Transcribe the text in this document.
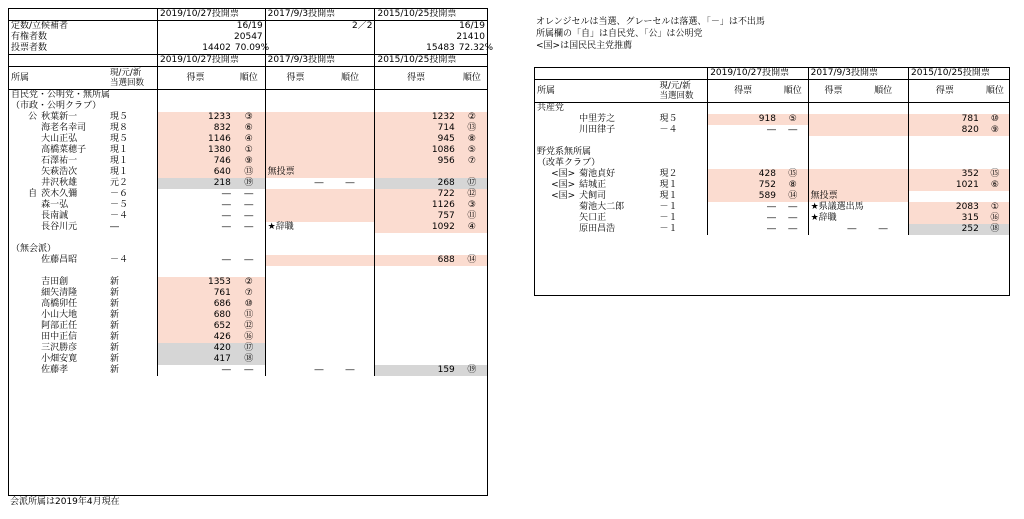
			2019/10/27投開票		2017/9/3投開票		2015/10/25投開票	
定数/立候補者			16/19		2／2		16/19	
有権者数			20547				21410	
投票者数			14402	70.09%			15483	72.32%
			2019/10/27投開票		2017/9/3投開票		2015/10/25投開票	
所属		現/元/新
当選回数	得票	順位	得票	順位	得票	順位
自民党・公明党・無所属								
（市政・公明クラブ）								
公	秋葉新一	現５	1233	③			1232	②
	海老名幸司	現８	832	⑥			714	⑬
	大山正弘	現５	1146	④			945	⑧
	高橋菜穂子	現１	1380	①			1086	⑤
	石澤祐一	現１	746	⑨			956	⑦
	矢萩浩次	現１	640	⑬	無投票			
	井沢秋雄	元２	218	⑲	―	―	268	⑰
自	茨木久彌	－６	―	―			722	⑫
	森一弘	－５	―	―			1126	③
	長南誠	－４	―	―			757	⑪
	長谷川元	―	―	―	★辞職		1092	④

（無会派）								
	佐藤昌昭	－４	―	―			688	⑭

	吉田創	新	1353	②				
	細矢清隆	新	761	⑦				
	高橋卯任	新	686	⑩				
	小山大地	新	680	⑪				
	阿部正任	新	652	⑫				
	田中正信	新	426	⑯				
	三沢勝彦	新	420	⑰				
	小畑安寛	新	417	⑱				
	佐藤孝	新	―	―	―	―	159	⑲
			2019/10/27投開票		2017/9/3投開票		2015/10/25投開票	
所属		現/元/新
当選回数	得票	順位	得票	順位	得票	順位
共産党								
	中里芳之	現５	918	⑤			781	⑩
	川田律子	－４	―	―			820	⑨

野党系無所属								
（改革クラブ）								
<国>	菊池貞好	現２	428	⑮			352	⑮
<国>	結城正	現１	752	⑧			1021	⑥
<国>	犬飼司	現１	589	⑭	無投票			
	菊池大二郎	－１	―	―	★県議選出馬		2083	①
	矢口正	－１	―	―	★辞職		315	⑯
	原田昌浩	－１	―	―	―	―	252	⑱
オレンジセルは当選、グレーセルは落選、「－」は不出馬
所属欄の「自」は自民党、「公」は公明党
<国>は国民民主党推薦
会派所属は2019年4月現在
